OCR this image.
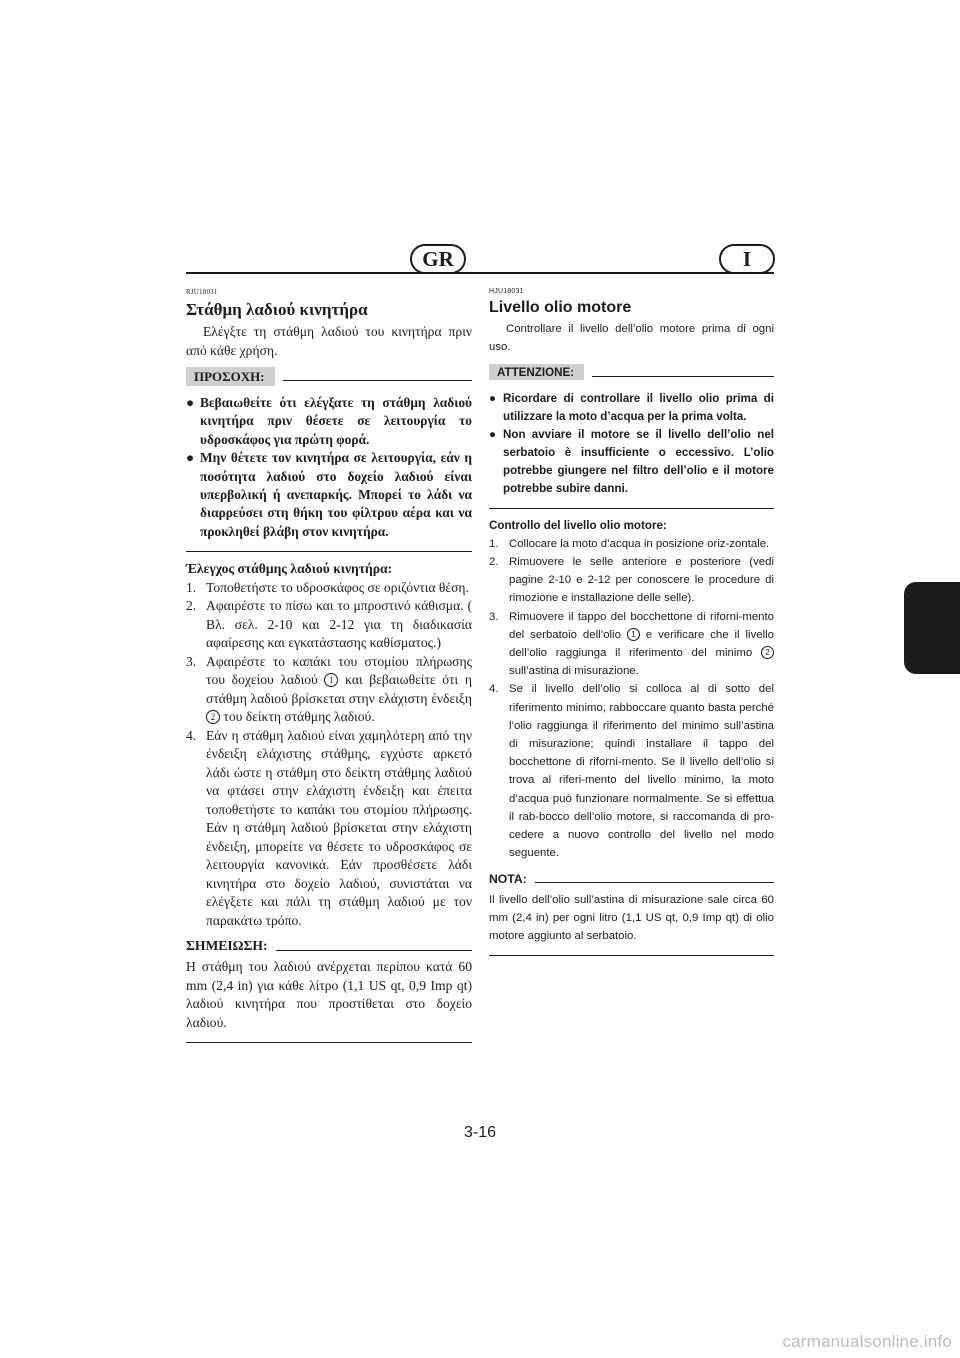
GR	I

RJU18031

Στάθμη λαδιού κινητήρα

Ελέγξτε τη στάθμη λαδιού του κινητήρα πριν από κάθε χρήση.

ΠΡΟΣΟΧΗ:
● Βεβαιωθείτε ότι ελέγξατε τη στάθμη λαδιού κινητήρα πριν θέσετε σε λειτουργία το υδροσκάφος για πρώτη φορά.
● Μην θέτετε τον κινητήρα σε λειτουργία, εάν η ποσότητα λαδιού στο δοχείο λαδιού είναι υπερβολική ή ανεπαρκής. Μπορεί το λάδι να διαρρεύσει στη θήκη του φίλτρου αέρα και να προκληθεί βλάβη στον κινητήρα.

Έλεγχος στάθμης λαδιού κινητήρα:

1. Τοποθετήστε το υδροσκάφος σε οριζόντια θέση.
2. Αφαιρέστε το πίσω και το μπροστινό κάθισμα. ( Βλ. σελ. 2-10 και 2-12 για τη διαδικασία αφαίρεσης και εγκατάστασης καθίσματος.)
3. Αφαιρέστε το καπάκι του στομίου πλήρωσης του δοχείου λαδιού 1 και βεβαιωθείτε ότι η στάθμη λαδιού βρίσκεται στην ελάχιστη ένδειξη 2 του δείκτη στάθμης λαδιού.
4. Εάν η στάθμη λαδιού είναι χαμηλότερη από την ένδειξη ελάχιστης στάθμης, εγχύστε αρκετό λάδι ώστε η στάθμη στο δείκτη στάθμης λαδιού να φτάσει στην ελάχιστη ένδειξη και έπειτα τοποθετήστε το καπάκι του στομίου πλήρωσης. Εάν η στάθμη λαδιού βρίσκεται στην ελάχιστη ένδειξη, μπορείτε να θέσετε το υδροσκάφος σε λειτουργία κανονικά. Εάν προσθέσετε λάδι κινητήρα στο δοχείο λαδιού, συνιστάται να ελέγξετε και πάλι τη στάθμη λαδιού με τον παρακάτω τρόπο.
ΣΗΜΕΙΩΣΗ:

Η στάθμη του λαδιού ανέρχεται περίπου κατά 60 mm (2,4 in) για κάθε λίτρο (1,1 US qt, 0,9 Imp qt) λαδιού κινητήρα που προστίθεται στο δοχείο λαδιού.

HJU18031

Livello olio motore

Controllare il livello dell’olio motore prima di ogni uso.

ATTENZIONE:
● Ricordare di controllare il livello olio prima di utilizzare la moto d’acqua per la prima volta.
● Non avviare il motore se il livello dell’olio nel serbatoio è insufficiente o eccessivo. L’olio potrebbe giungere nel filtro dell’olio e il motore potrebbe subire danni.

Controllo del livello olio motore:

1. Collocare la moto d’acqua in posizione oriz-zontale.
2. Rimuovere le selle anteriore e posteriore (vedi pagine 2-10 e 2-12 per conoscere le procedure di rimozione e installazione delle selle).
3. Rimuovere il tappo del bocchettone di riforni-mento del serbatoio dell’olio 1 e verificare che il livello dell’olio raggiunga il riferimento del minimo 2 sull’astina di misurazione.
4. Se il livello dell’olio si colloca al di sotto del riferimento minimo, rabboccare quanto basta perché l’olio raggiunga il riferimento del minimo sull’astina di misurazione; quindi installare il tappo del bocchettone di riforni-mento. Se il livello dell’olio si trova al riferi-mento del livello minimo, la moto d’acqua può funzionare normalmente. Se si effettua il rab-bocco dell’olio motore, si raccomanda di pro-cedere a nuovo controllo del livello nel modo seguente.
NOTA:

Il livello dell’olio sull’astina di misurazione sale circa 60 mm (2,4 in) per ogni litro (1,1 US qt, 0,9 Imp qt) di olio motore aggiunto al serbatoio.

3-16
carmanualsonline.info
